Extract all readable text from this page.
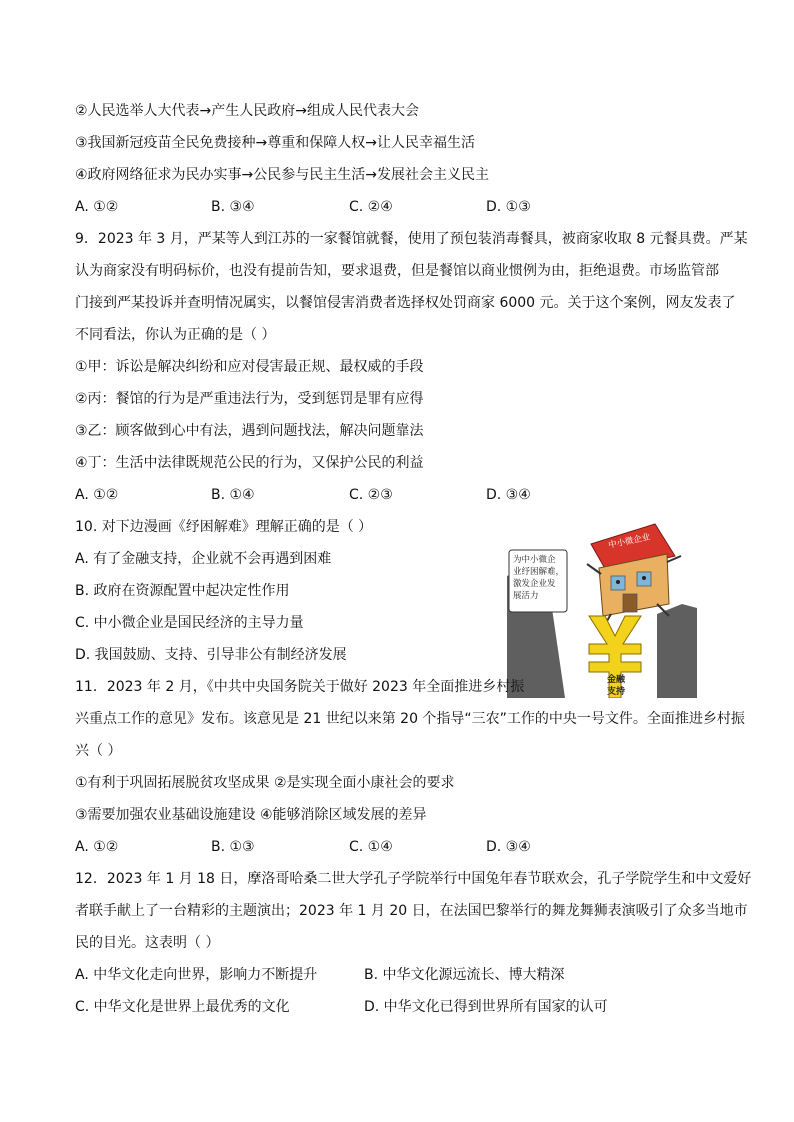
②人民选举人大代表→产生人民政府→组成人民代表大会
③我国新冠疫苗全民免费接种→尊重和保障人权→让人民幸福生活
④政府网络征求为民办实事→公民参与民主生活→发展社会主义民主
A. ①②	B. ③④	C. ②④	D. ①③
9．2023 年 3 月，严某等人到江苏的一家餐馆就餐，使用了预包装消毒餐具，被商家收取 8 元餐具费。严某
认为商家没有明码标价，也没有提前告知，要求退费，但是餐馆以商业惯例为由，拒绝退费。市场监管部
门接到严某投诉并查明情况属实，以餐馆侵害消费者选择权处罚商家 6000 元。关于这个案例，网友发表了
不同看法，你认为正确的是（ ）
①甲：诉讼是解决纠纷和应对侵害最正规、最权威的手段
②丙：餐馆的行为是严重违法行为，受到惩罚是罪有应得
③乙：顾客做到心中有法，遇到问题找法，解决问题靠法
④丁：生活中法律既规范公民的行为，又保护公民的利益
A. ①②	B. ①④	C. ②③	D. ③④
10. 对下边漫画《纾困解难》理解正确的是（ ）
A. 有了金融支持，企业就不会再遇到困难
B. 政府在资源配置中起决定性作用
C. 中小微企业是国民经济的主导力量
D. 我国鼓励、支持、引导非公有制经济发展
为中小微企
业纾困解难，
激发企业发
展活力
中小微企业
金融
支持
11．2023 年 2 月，《中共中央国务院关于做好 2023 年全面推进乡村振
兴重点工作的意见》发布。该意见是 21 世纪以来第 20 个指导“三农”工作的中央一号文件。全面推进乡村振
兴（ ）
①有利于巩固拓展脱贫攻坚成果 ②是实现全面小康社会的要求
③需要加强农业基础设施建设 ④能够消除区域发展的差异
A. ①②	B. ①③	C. ①④	D. ③④
12．2023 年 1 月 18 日，摩洛哥哈桑二世大学孔子学院举行中国兔年春节联欢会，孔子学院学生和中文爱好
者联手献上了一台精彩的主题演出；2023 年 1 月 20 日，在法国巴黎举行的舞龙舞狮表演吸引了众多当地市
民的目光。这表明（ ）
A. 中华文化走向世界，影响力不断提升	B. 中华文化源远流长、博大精深
C. 中华文化是世界上最优秀的文化	D. 中华文化已得到世界所有国家的认可
